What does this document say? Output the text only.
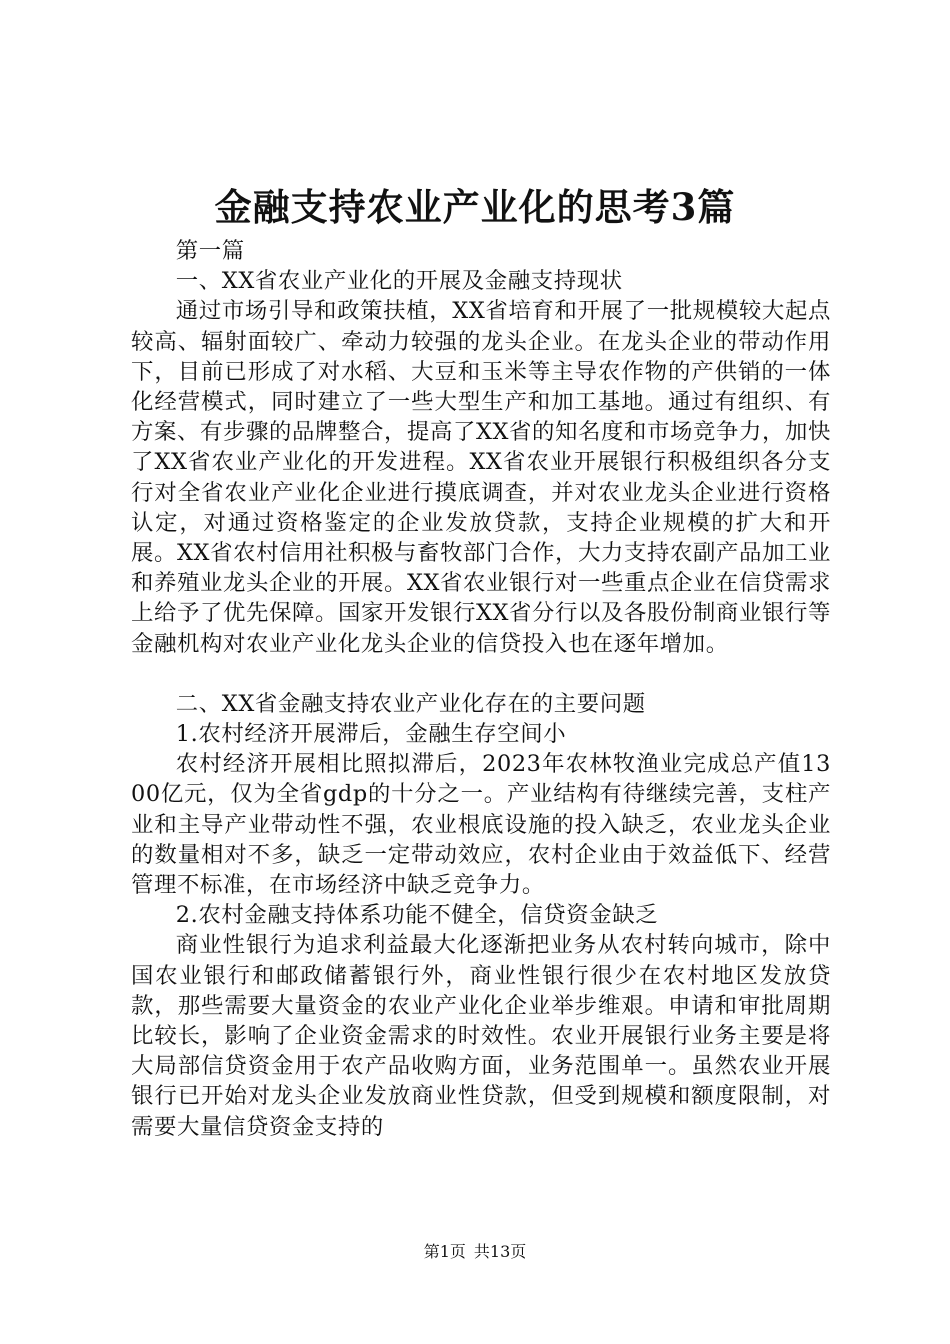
金融支持农业产业化的思考3篇

第一篇

一、XX省农业产业化的开展及金融支持现状

通过市场引导和政策扶植，XX省培育和开展了一批规模较大起点较高、辐射面较广、牵动力较强的龙头企业。在龙头企业的带动作用下，目前已形成了对水稻、大豆和玉米等主导农作物的产供销的一体化经营模式，同时建立了一些大型生产和加工基地。通过有组织、有方案、有步骤的品牌整合，提高了XX省的知名度和市场竞争力，加快了XX省农业产业化的开发进程。XX省农业开展银行积极组织各分支行对全省农业产业化企业进行摸底调查，并对农业龙头企业进行资格认定，对通过资格鉴定的企业发放贷款，支持企业规模的扩大和开展。XX省农村信用社积极与畜牧部门合作，大力支持农副产品加工业和养殖业龙头企业的开展。XX省农业银行对一些重点企业在信贷需求上给予了优先保障。国家开发银行XX省分行以及各股份制商业银行等金融机构对农业产业化龙头企业的信贷投入也在逐年增加。

二、XX省金融支持农业产业化存在的主要问题

1.农村经济开展滞后，金融生存空间小

农村经济开展相比照拟滞后，2023年农林牧渔业完成总产值1300亿元，仅为全省gdp的十分之一。产业结构有待继续完善，支柱产业和主导产业带动性不强，农业根底设施的投入缺乏，农业龙头企业的数量相对不多，缺乏一定带动效应，农村企业由于效益低下、经营管理不标准，在市场经济中缺乏竞争力。

2.农村金融支持体系功能不健全，信贷资金缺乏

商业性银行为追求利益最大化逐渐把业务从农村转向城市，除中国农业银行和邮政储蓄银行外，商业性银行很少在农村地区发放贷款，那些需要大量资金的农业产业化企业举步维艰。申请和审批周期比较长，影响了企业资金需求的时效性。农业开展银行业务主要是将大局部信贷资金用于农产品收购方面，业务范围单一。虽然农业开展银行已开始对龙头企业发放商业性贷款，但受到规模和额度限制，对需要大量信贷资金支持的

第1页 共13页
